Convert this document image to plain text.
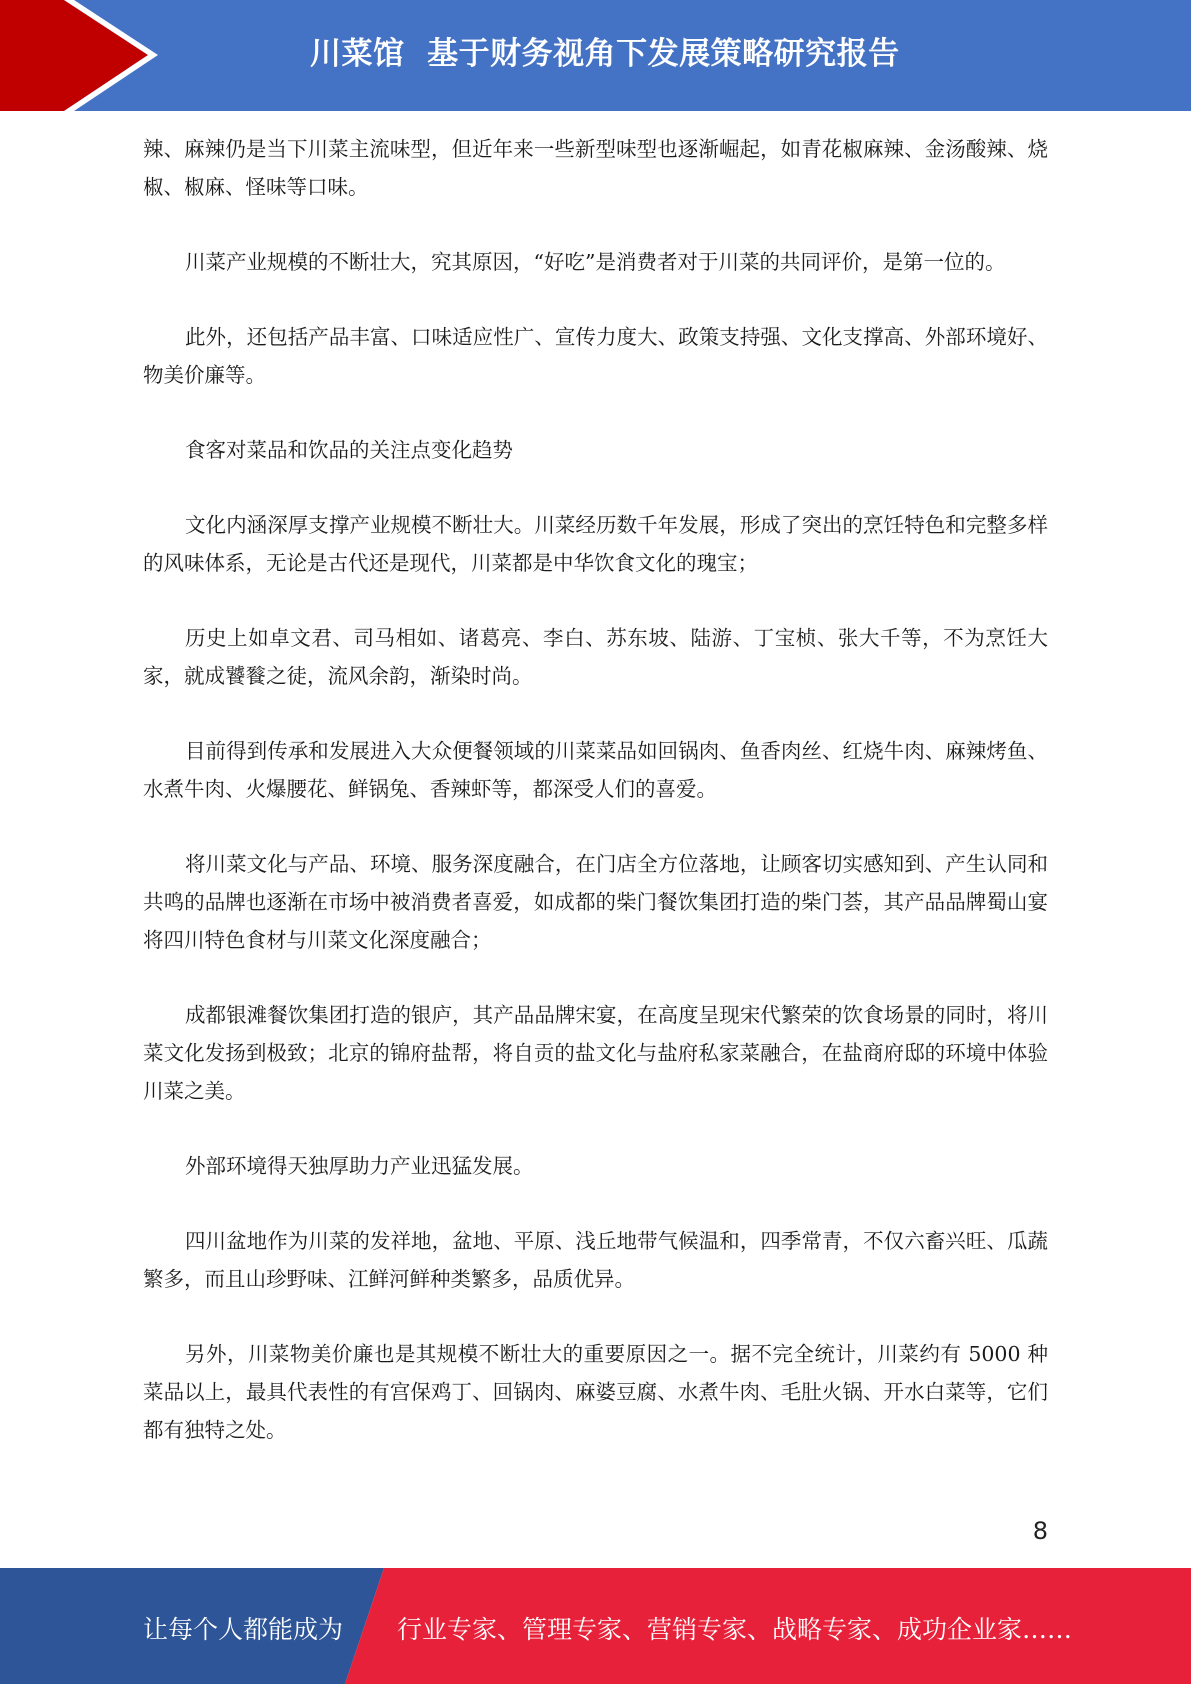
川菜馆  基于财务视角下发展策略研究报告

辣、麻辣仍是当下川菜主流味型，但近年来一些新型味型也逐渐崛起，如青花椒麻辣、金汤酸辣、烧椒、椒麻、怪味等口味。

川菜产业规模的不断壮大，究其原因，“好吃”是消费者对于川菜的共同评价，是第一位的。

此外，还包括产品丰富、口味适应性广、宣传力度大、政策支持强、文化支撑高、外部环境好、物美价廉等。

食客对菜品和饮品的关注点变化趋势

文化内涵深厚支撑产业规模不断壮大。川菜经历数千年发展，形成了突出的烹饪特色和完整多样的风味体系，无论是古代还是现代，川菜都是中华饮食文化的瑰宝；

历史上如卓文君、司马相如、诸葛亮、李白、苏东坡、陆游、丁宝桢、张大千等，不为烹饪大家，就成饕餮之徒，流风余韵，渐染时尚。

目前得到传承和发展进入大众便餐领域的川菜菜品如回锅肉、鱼香肉丝、红烧牛肉、麻辣烤鱼、水煮牛肉、火爆腰花、鲜锅兔、香辣虾等，都深受人们的喜爱。

将川菜文化与产品、环境、服务深度融合，在门店全方位落地，让顾客切实感知到、产生认同和共鸣的品牌也逐渐在市场中被消费者喜爱，如成都的柴门餐饮集团打造的柴门荟，其产品品牌蜀山宴将四川特色食材与川菜文化深度融合；

成都银滩餐饮集团打造的银庐，其产品品牌宋宴，在高度呈现宋代繁荣的饮食场景的同时，将川菜文化发扬到极致；北京的锦府盐帮，将自贡的盐文化与盐府私家菜融合，在盐商府邸的环境中体验川菜之美。

外部环境得天独厚助力产业迅猛发展。

四川盆地作为川菜的发祥地，盆地、平原、浅丘地带气候温和，四季常青，不仅六畜兴旺、瓜蔬繁多，而且山珍野味、江鲜河鲜种类繁多，品质优异。

另外，川菜物美价廉也是其规模不断壮大的重要原因之一。据不完全统计，川菜约有 5000 种菜品以上，最具代表性的有宫保鸡丁、回锅肉、麻婆豆腐、水煮牛肉、毛肚火锅、开水白菜等，它们都有独特之处。

8
让每个人都能成为 行业专家、管理专家、营销专家、战略专家、成功企业家……
